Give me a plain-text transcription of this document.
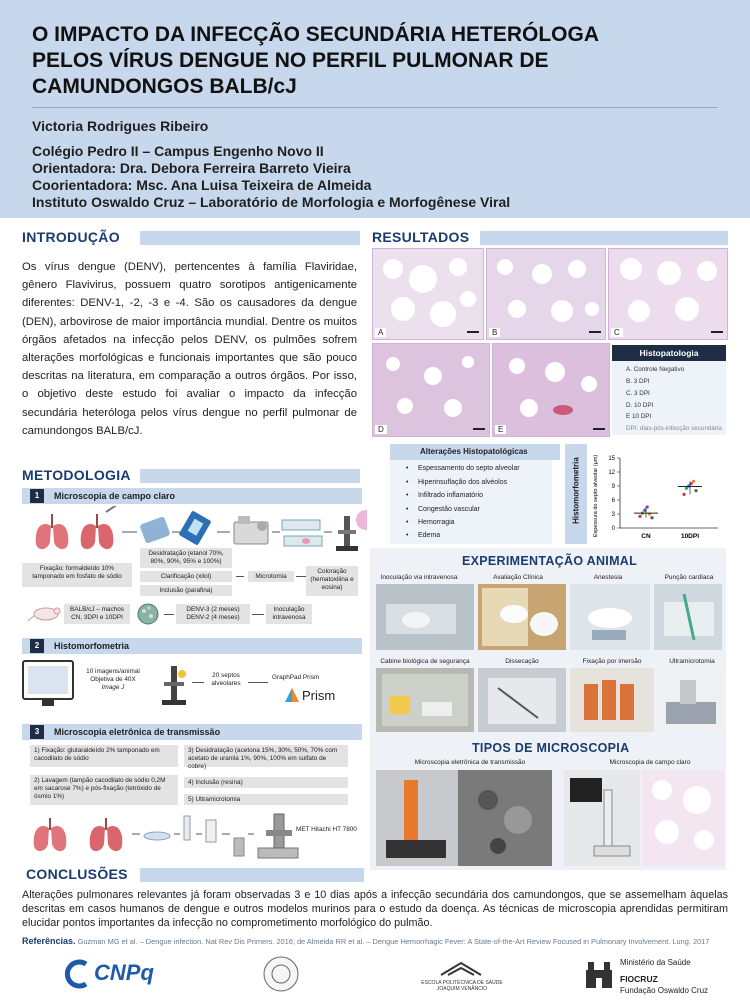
O IMPACTO DA INFECÇÃO SECUNDÁRIA HETERÓLOGA
PELOS VÍRUS DENGUE NO PERFIL PULMONAR DE
CAMUNDONGOS BALB/cJ
Victoria Rodrigues Ribeiro
Colégio Pedro II – Campus Engenho Novo II
Orientadora: Dra. Debora Ferreira Barreto Vieira
Coorientadora: Msc. Ana Luisa Teixeira de Almeida
Instituto Oswaldo Cruz – Laboratório de Morfologia e Morfogênese Viral
INTRODUÇÃO
Os vírus dengue (DENV), pertencentes à família Flaviridae, gênero Flavivirus, possuem quatro sorotipos antigenicamente diferentes: DENV-1, -2, -3 e -4. São os causadores da dengue (DEN), arbovirose de maior importância mundial. Dentre os muitos órgãos afetados na infecção pelos DENV, os pulmões sofrem alterações morfológicas e funcionais importantes que são pouco descritas na literatura, em comparação a outros órgãos. Por isso, o objetivo deste estudo foi avaliar o impacto da infecção secundária heteróloga pelos vírus dengue no perfil pulmonar de camundongos BALB/cJ.
METODOLOGIA
1	Microscopia de campo claro
Fixação: formaldeído 10% tamponado em fosfato de sódio
Desidratação (etanol 70%, 80%, 90%, 95% e 100%)
Clarificação (xilol)
Inclusão (parafina)
Microtomia
Coloração (hematoxilina e eosina)
BALB/cJ – machos CN, 3DPI e 10DPI
DENV-3 (2 meses) DENV-2 (4 meses)
Inoculação intravenosa
2	Histomorfometria
10 imagens/animal Objetiva de 40X
Image J
20 septos alveolares
GraphPad Prism
Prism
3	Microscopia eletrônica de transmissão
1) Fixação: glutaraldeído 2% tamponado em cacodilato de sódio
2) Lavagem (tampão cacodilato de sódio 0,2M em sacarose 7%) e pós-fixação (tetróxido de ósmio 1%)
3) Desidratação (acetona 15%, 30%, 50%, 70% com acetato de uranila 1%, 90%, 100% em sulfato de cobre)
4) Inclusão (resina)
5) Ultramicrotomia
MET Hitachi HT 7800
RESULTADOS
A	B	C
D	E
Histopatologia
A. Controle Negativo
B. 3 DPI
C. 3 DPI
D. 10 DPI
E 10 DPI
DPI: dias-pós-infecção secundária
Alterações Histopatológicas
• Espessamento do septo alveolar
• Hiperinsuflação dos alvéolos
• Infiltrado inflamatório
• Congestão vascular
• Hemorragia
• Edema
Histomorfometria Espessura do septo alveolar (µm) 0
3
6
9
12
15
CN	10DPI
EXPERIMENTAÇÃO ANIMAL
Inoculação via intravenosa	Avaliação Clínica	Anestesia	Punção cardíaca
Cabine biológica de segurança	Dissecação	Fixação por imersão	Ultramicrotomia
TIPOS DE MICROSCOPIA
Microscopia eletrônica de transmissão	Microscopia de campo claro
CONCLUSÕES
Alterações pulmonares relevantes já foram observadas 3 e 10 dias após a infecção secundária dos camundongos, que se assemelham àquelas descritas em casos humanos de dengue e outros modelos murinos para o estudo da doença. As técnicas de microscopia aprendidas permitiram elucidar pontos importantes da infecção no comprometimento morfológico do pulmão.
Referências. Guzman MG et al. – Dengue infection. Nat Rev Dis Primers. 2016; de Almeida RR et al. – Dengue Hemorrhagic Fever: A State-of-the-Art Review Focused in Pulmonary Involvement. Lung. 2017
CNPq	ESCOLA POLITÉCNICA DE SAÚDE JOAQUIM VENÂNCIO
Ministério da Saúde
FIOCRUZ
Fundação Oswaldo Cruz
